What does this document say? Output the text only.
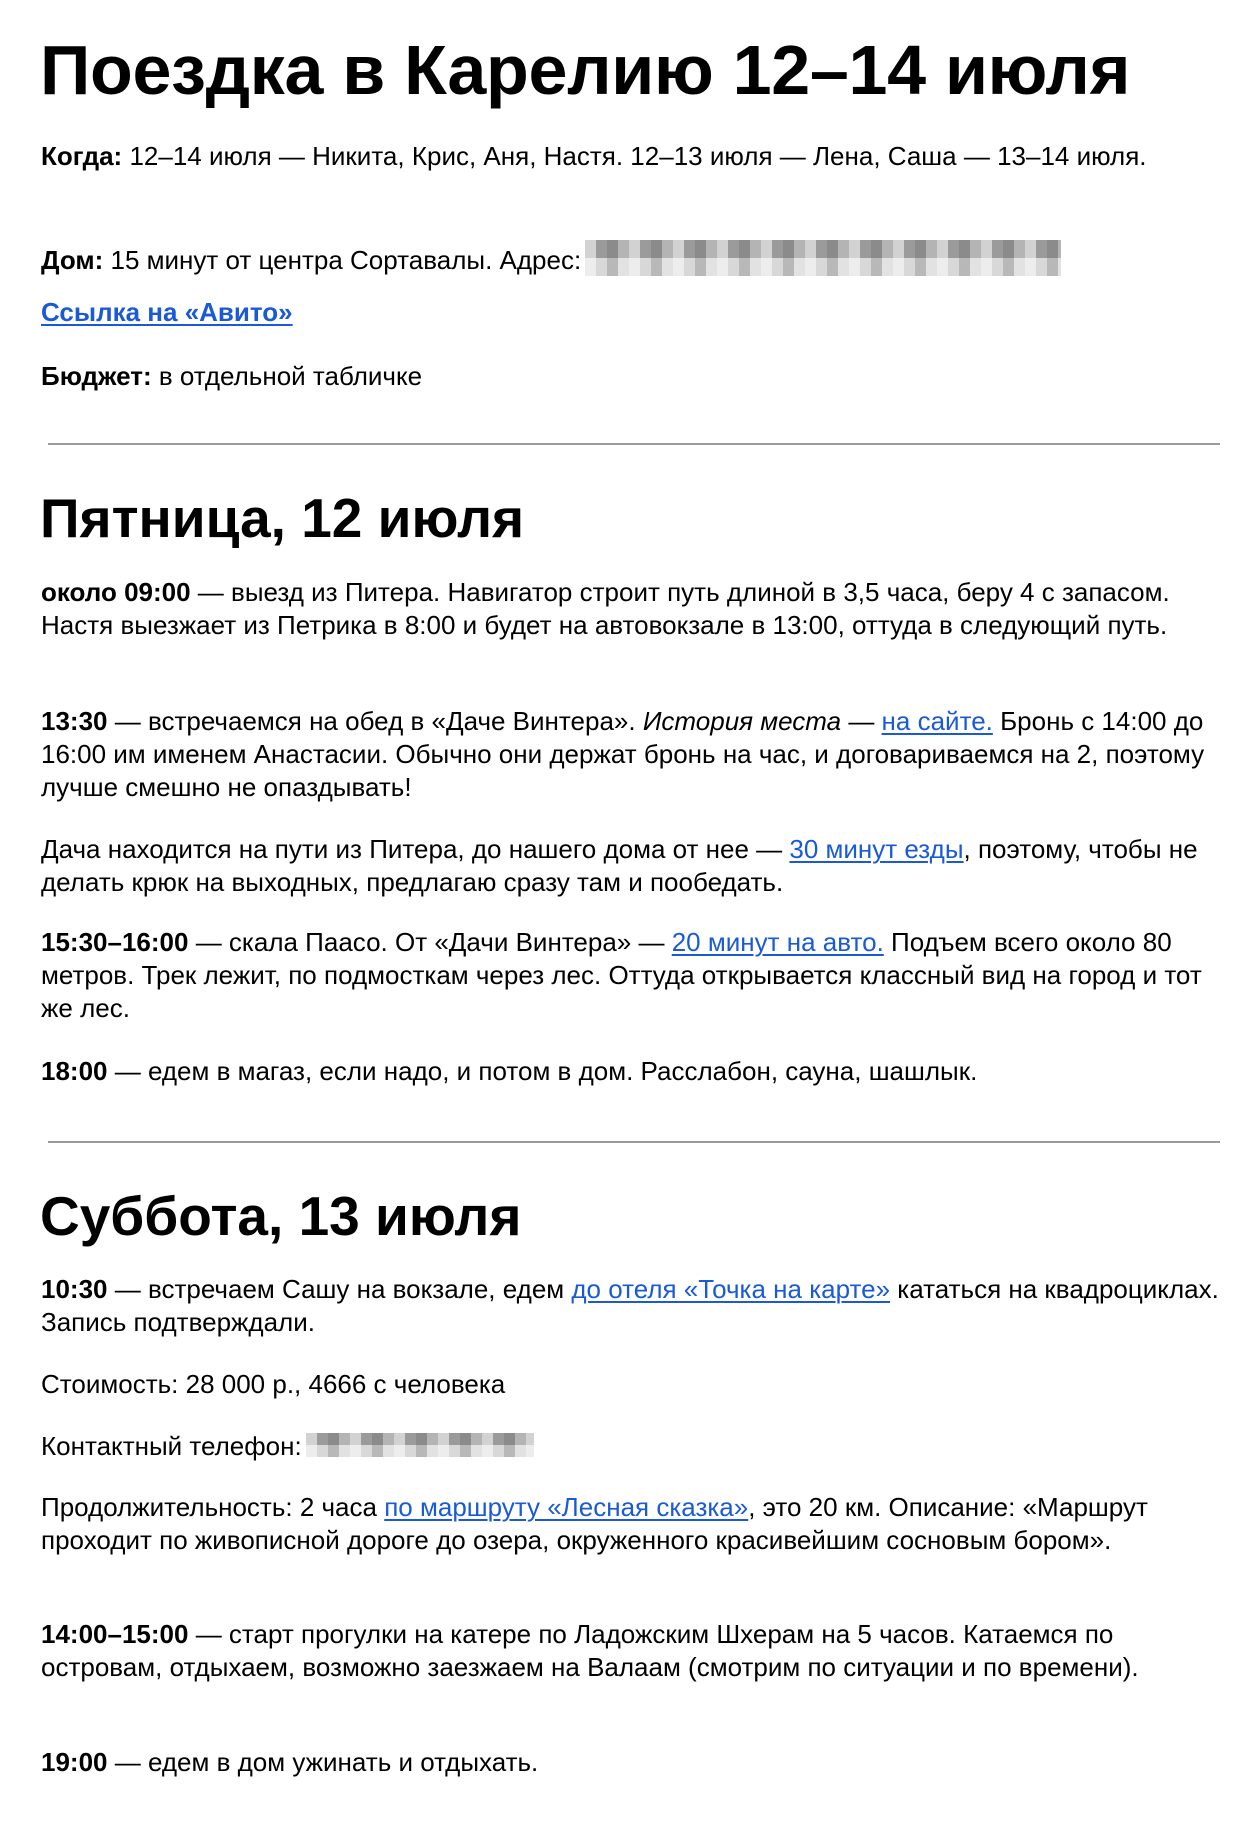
Поездка в Карелию 12–14 июля

Когда: 12–14 июля — Никита, Крис, Аня, Настя. 12–13 июля — Лена, Саша — 13–14 июля.

Дом: 15 минут от центра Сортавалы. Адрес:

Ссылка на «Авито»

Бюджет: в отдельной табличке

Пятница, 12 июля

около 09:00 — выезд из Питера. Навигатор строит путь длиной в 3,5 часа, беру 4 с запасом. Настя выезжает из Петрика в 8:00 и будет на автовокзале в 13:00, оттуда в следующий путь.

13:30 — встречаемся на обед в «Даче Винтера». История места — на сайте. Бронь с 14:00 до 16:00 им именем Анастасии. Обычно они держат бронь на час, и договариваемся на 2, поэтому лучше смешно не опаздывать!

Дача находится на пути из Питера, до нашего дома от нее — 30 минут езды, поэтому, чтобы не делать крюк на выходных, предлагаю сразу там и пообедать.

15:30–16:00 — скала Паасо. От «Дачи Винтера» — 20 минут на авто. Подъем всего около 80 метров. Трек лежит, по подмосткам через лес. Оттуда открывается классный вид на город и тот же лес.

18:00 — едем в магаз, если надо, и потом в дом. Расслабон, сауна, шашлык.

Суббота, 13 июля

10:30 — встречаем Сашу на вокзале, едем до отеля «Точка на карте» кататься на квадроциклах. Запись подтверждали.

Стоимость: 28 000 р., 4666 с человека

Контактный телефон:

Продолжительность: 2 часа по маршруту «Лесная сказка», это 20 км. Описание: «Маршрут проходит по живописной дороге до озера, окруженного красивейшим сосновым бором».

14:00–15:00 — старт прогулки на катере по Ладожским Шхерам на 5 часов. Катаемся по островам, отдыхаем, возможно заезжаем на Валаам (смотрим по ситуации и по времени).

19:00 — едем в дом ужинать и отдыхать.
